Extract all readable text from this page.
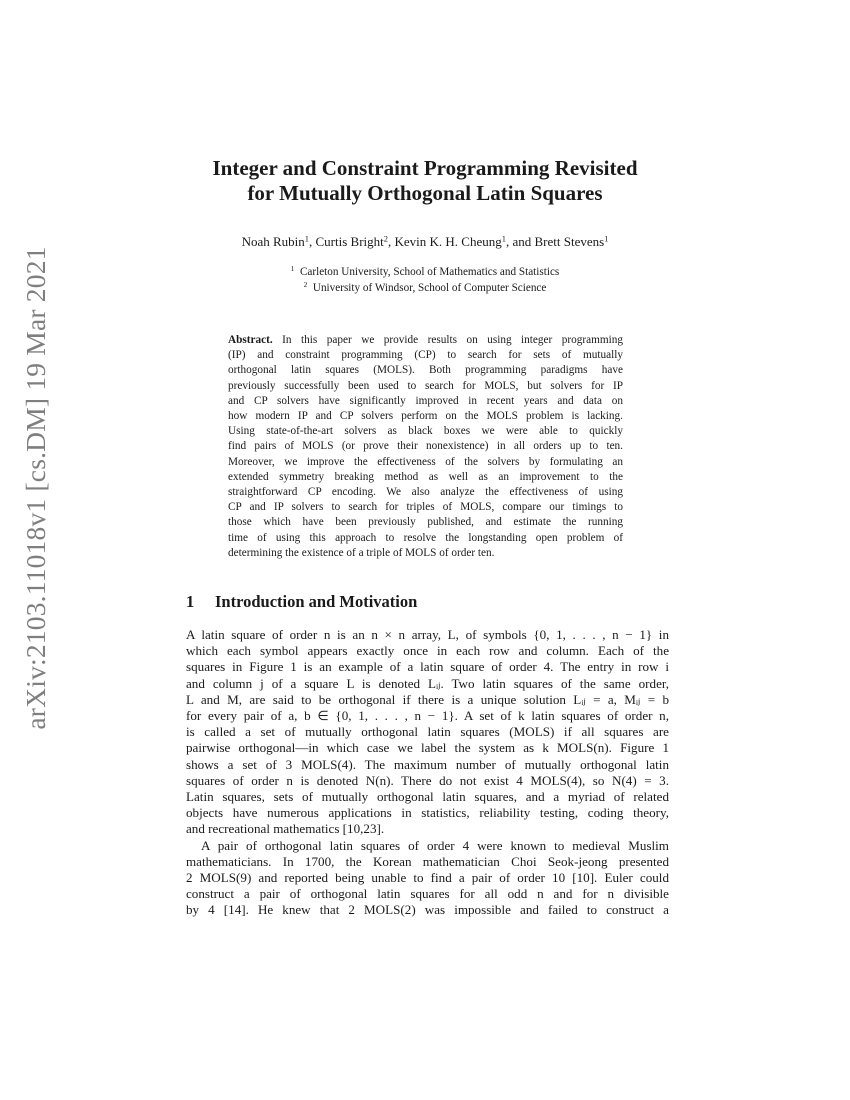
arXiv:2103.11018v1 [cs.DM] 19 Mar 2021
Integer and Constraint Programming Revisited
for Mutually Orthogonal Latin Squares
Noah Rubin$^1$, Curtis Bright$^2$, Kevin K. H. Cheung$^1$, and Brett Stevens$^1$
$^1$ Carleton University, School of Mathematics and Statistics
$^2$ University of Windsor, School of Computer Science
Abstract. In this paper we provide results on using integer programming
(IP) and constraint programming (CP) to search for sets of mutually
orthogonal latin squares (MOLS). Both programming paradigms have
previously successfully been used to search for MOLS, but solvers for IP
and CP solvers have significantly improved in recent years and data on
how modern IP and CP solvers perform on the MOLS problem is lacking.
Using state-of-the-art solvers as black boxes we were able to quickly
find pairs of MOLS (or prove their nonexistence) in all orders up to ten.
Moreover, we improve the effectiveness of the solvers by formulating an
extended symmetry breaking method as well as an improvement to the
straightforward CP encoding. We also analyze the effectiveness of using
CP and IP solvers to search for triples of MOLS, compare our timings to
those which have been previously published, and estimate the running
time of using this approach to resolve the longstanding open problem of
determining the existence of a triple of MOLS of order ten.
1 Introduction and Motivation
A latin square of order n is an n × n array, L, of symbols {0, 1, . . . , n − 1} in
which each symbol appears exactly once in each row and column. Each of the
squares in Figure 1 is an example of a latin square of order 4. The entry in row i
and column j of a square L is denoted Lᵢⱼ. Two latin squares of the same order,
L and M, are said to be orthogonal if there is a unique solution Lᵢⱼ = a, Mᵢⱼ = b
for every pair of a, b ∈ {0, 1, . . . , n − 1}. A set of k latin squares of order n,
is called a set of mutually orthogonal latin squares (MOLS) if all squares are
pairwise orthogonal—in which case we label the system as k MOLS(n). Figure 1
shows a set of 3 MOLS(4). The maximum number of mutually orthogonal latin
squares of order n is denoted N(n). There do not exist 4 MOLS(4), so N(4) = 3.
Latin squares, sets of mutually orthogonal latin squares, and a myriad of related
objects have numerous applications in statistics, reliability testing, coding theory,
and recreational mathematics [10,23].
A pair of orthogonal latin squares of order 4 were known to medieval Muslim
mathematicians. In 1700, the Korean mathematician Choi Seok-jeong presented
2 MOLS(9) and reported being unable to find a pair of order 10 [10]. Euler could
construct a pair of orthogonal latin squares for all odd n and for n divisible
by 4 [14]. He knew that 2 MOLS(2) was impossible and failed to construct a
